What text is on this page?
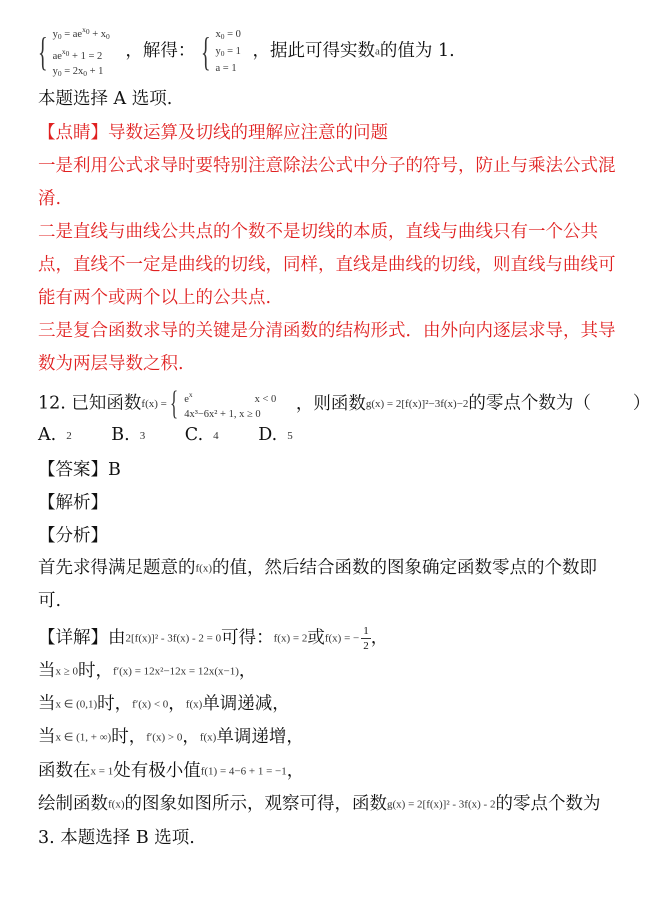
{ $y_0 = ae^{x_0} + x_0$
$ae^{x_0} + 1 = 2$
$y_0 = 2x_0 + 1$
，解得： { $x_0 = 0$
$y_0 = 1$
a = 1
，据此可得实数a的值为 1.
本题选择 A 选项.
【点睛】导数运算及切线的理解应注意的问题
一是利用公式求导时要特别注意除法公式中分子的符号，防止与乘法公式混
淆.
二是直线与曲线公共点的个数不是切线的本质，直线与曲线只有一个公共
点，直线不一定是曲线的切线，同样，直线是曲线的切线，则直线与曲线可
能有两个或两个以上的公共点.
三是复合函数求导的关键是分清函数的结构形式．由外向内逐层求导，其导
数为两层导数之积.
12. 已知函数f(x) = { $e^x$	x < 0
4x³−6x² + 1, x ≥ 0
，则函数g(x) = 2[f(x)]²−3f(x)−2的零点个数为（ ）
A. 2 B. 3 C. 4 D. 5
【答案】B
【解析】
【分析】
首先求得满足题意的f(x)的值，然后结合函数的图象确定函数零点的个数即
可.
【详解】由2[f(x)]² - 3f(x) - 2 = 0可得：f(x) = 2或f(x) = − $\frac{1}{2}$ ，
当x ≥ 0时，f′(x) = 12x²−12x = 12x(x−1)，
当x ∈ (0,1)时，f′(x) < 0，f(x)单调递减，
当x ∈ (1, + ∞)时，f′(x) > 0，f(x)单调递增，
函数在x = 1处有极小值f(1) = 4−6 + 1 = −1，
绘制函数f(x)的图象如图所示，观察可得，函数g(x) = 2[f(x)]² - 3f(x) - 2的零点个数为
3. 本题选择 B 选项.
